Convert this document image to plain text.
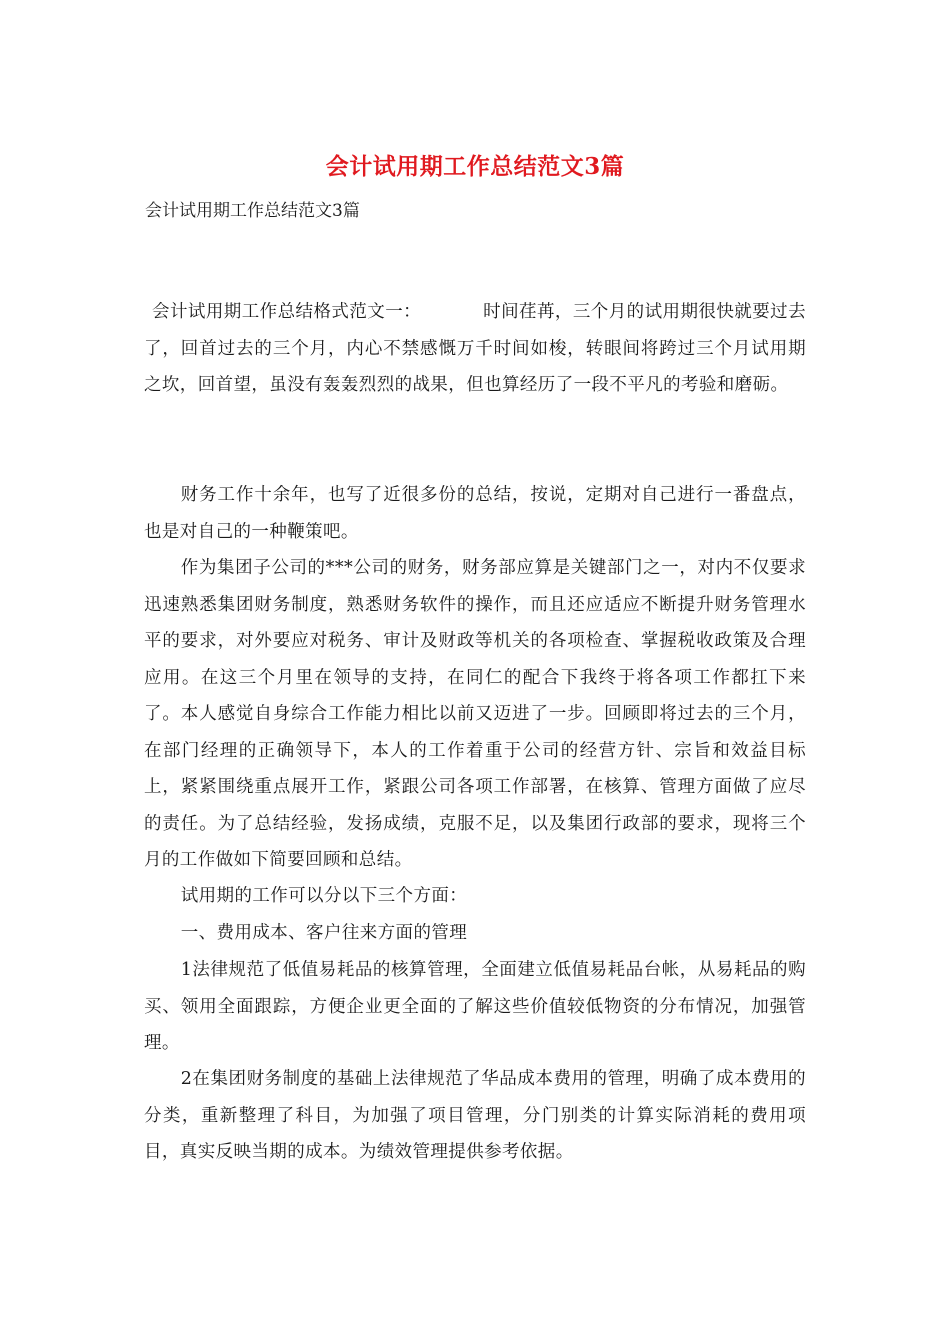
会计试用期工作总结范文3篇
会计试用期工作总结范文3篇
会计试用期工作总结格式范文一：	时间荏苒，三个月的试用期很快就要过去了，回首过去的三个月，内心不禁感慨万千时间如梭，转眼间将跨过三个月试用期之坎，回首望，虽没有轰轰烈烈的战果，但也算经历了一段不平凡的考验和磨砺。
财务工作十余年，也写了近很多份的总结，按说，定期对自己进行一番盘点，也是对自己的一种鞭策吧。
作为集团子公司的***公司的财务，财务部应算是关键部门之一，对内不仅要求迅速熟悉集团财务制度，熟悉财务软件的操作，而且还应适应不断提升财务管理水平的要求，对外要应对税务、审计及财政等机关的各项检查、掌握税收政策及合理应用。在这三个月里在领导的支持，在同仁的配合下我终于将各项工作都扛下来了。本人感觉自身综合工作能力相比以前又迈进了一步。回顾即将过去的三个月，在部门经理的正确领导下，本人的工作着重于公司的经营方针、宗旨和效益目标上，紧紧围绕重点展开工作，紧跟公司各项工作部署，在核算、管理方面做了应尽的责任。为了总结经验，发扬成绩，克服不足，以及集团行政部的要求，现将三个月的工作做如下简要回顾和总结。
试用期的工作可以分以下三个方面：
一、费用成本、客户往来方面的管理
1法律规范了低值易耗品的核算管理，全面建立低值易耗品台帐，从易耗品的购买、领用全面跟踪，方便企业更全面的了解这些价值较低物资的分布情况，加强管理。
2在集团财务制度的基础上法律规范了华品成本费用的管理，明确了成本费用的分类，重新整理了科目，为加强了项目管理，分门别类的计算实际消耗的费用项目，真实反映当期的成本。为绩效管理提供参考依据。
